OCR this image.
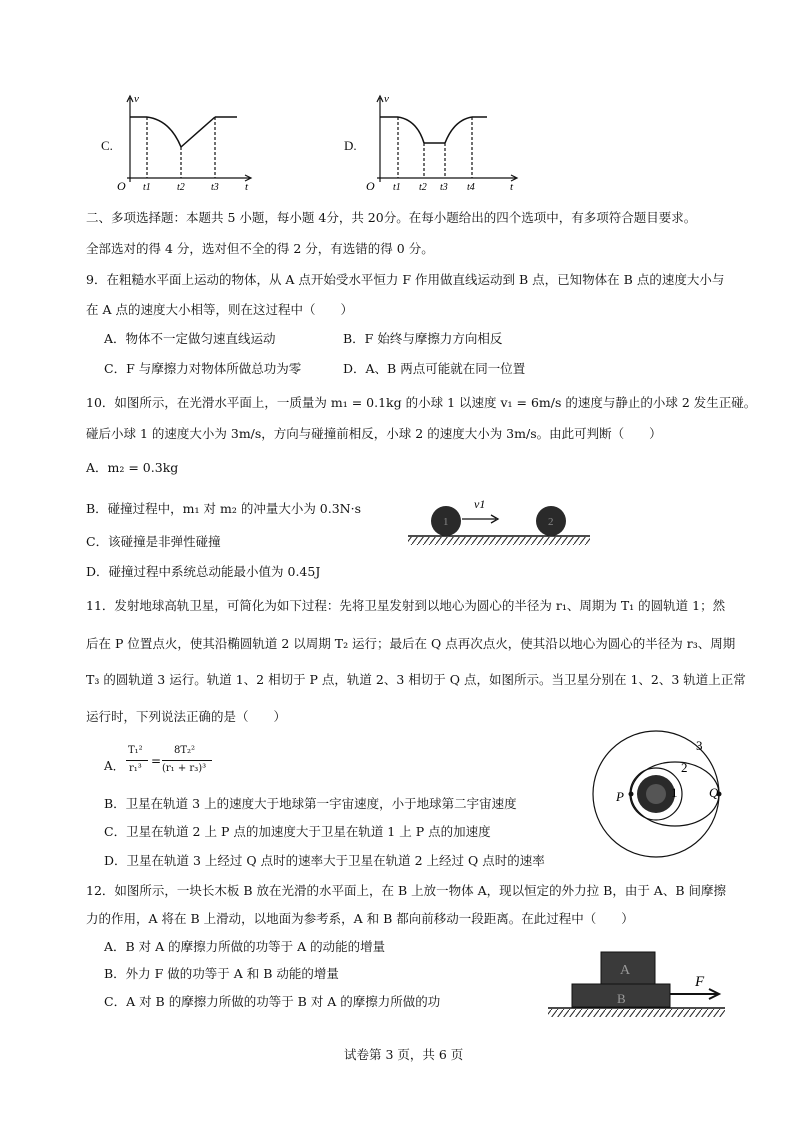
C.
v
t
O t1	t2	t3
D.
v
t
O t1 t2 t3 t4
二、多项选择题：本题共 5 小题，每小题 4分，共 20分。在每小题给出的四个选项中，有多项符合题目要求。
全部选对的得 4 分，选对但不全的得 2 分，有选错的得 0 分。
9．在粗糙水平面上运动的物体，从 A 点开始受水平恒力 F 作用做直线运动到 B 点，已知物体在 B 点的速度大小与
在 A 点的速度大小相等，则在这过程中（　　）
A．物体不一定做匀速直线运动	B．F 始终与摩擦力方向相反
C．F 与摩擦力对物体所做总功为零	D．A、B 两点可能就在同一位置
10．如图所示，在光滑水平面上，一质量为 m₁ = 0.1kg 的小球 1 以速度 v₁ = 6m/s 的速度与静止的小球 2 发生正碰。
碰后小球 1 的速度大小为 3m/s，方向与碰撞前相反，小球 2 的速度大小为 3m/s。由此可判断（　　）
A．m₂ = 0.3kg
B．碰撞过程中，m₁ 对 m₂ 的冲量大小为 0.3N·s
C．该碰撞是非弹性碰撞
D．碰撞过程中系统总动能最小值为 0.45J
1	2
v1
11．发射地球高轨卫星，可简化为如下过程：先将卫星发射到以地心为圆心的半径为 r₁、周期为 T₁ 的圆轨道 1；然
后在 P 位置点火，使其沿椭圆轨道 2 以周期 T₂ 运行；最后在 Q 点再次点火，使其沿以地心为圆心的半径为 r₃、周期
T₃ 的圆轨道 3 运行。轨道 1、2 相切于 P 点，轨道 2、3 相切于 Q 点，如图所示。当卫星分别在 1、2、3 轨道上正常
运行时，下列说法正确的是（　　）
A．
T₁²
r₁³
=
8T₂²
(r₁ + r₃)³
B．卫星在轨道 3 上的速度大于地球第一宇宙速度，小于地球第二宇宙速度
C．卫星在轨道 2 上 P 点的加速度大于卫星在轨道 1 上 P 点的加速度
D．卫星在轨道 3 上经过 Q 点时的速率大于卫星在轨道 2 上经过 Q 点时的速率
P	Q
1
2
3
12．如图所示，一块长木板 B 放在光滑的水平面上，在 B 上放一物体 A，现以恒定的外力拉 B，由于 A、B 间摩擦
力的作用，A 将在 B 上滑动，以地面为参考系，A 和 B 都向前移动一段距离。在此过程中（　　）
A．B 对 A 的摩擦力所做的功等于 A 的动能的增量
B．外力 F 做的功等于 A 和 B 动能的增量
C．A 对 B 的摩擦力所做的功等于 B 对 A 的摩擦力所做的功
A
B
F
试卷第 3 页，共 6 页
